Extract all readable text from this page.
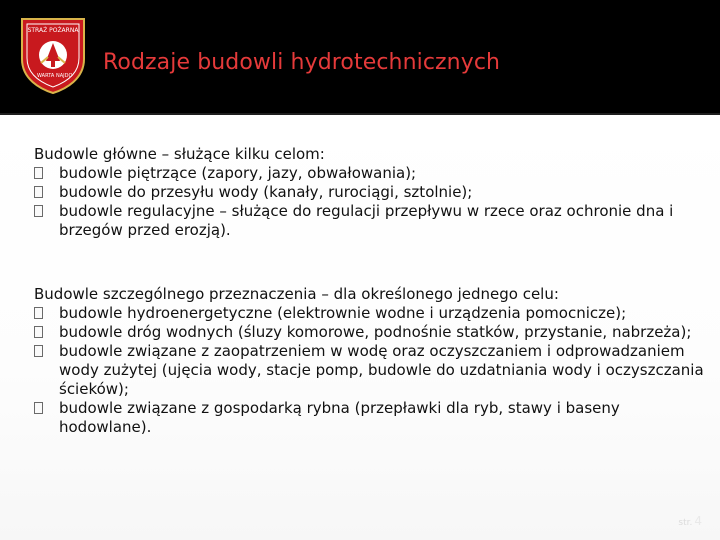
STRAŻ POŻARNA
WARTA NAJDO
Rodzaje budowli hydrotechnicznych
Budowle główne – służące kilku celom:
budowle piętrzące (zapory, jazy, obwałowania);
budowle do przesyłu wody (kanały, rurociągi, sztolnie);
budowle regulacyjne – służące do regulacji przepływu w rzece oraz ochronie dna i brzegów przed erozją).
Budowle szczególnego przeznaczenia – dla określonego jednego celu:
budowle hydroenergetyczne (elektrownie wodne i urządzenia pomocnicze);
budowle dróg wodnych (śluzy komorowe, podnośnie statków, przystanie, nabrzeża);
budowle związane z zaopatrzeniem w wodę oraz oczyszczaniem i odprowadzaniem wody zużytej (ujęcia wody, stacje pomp, budowle do uzdatniania wody i oczyszczania ścieków);
budowle związane z gospodarką rybna (przepławki dla ryb, stawy i baseny hodowlane).
str. 4
